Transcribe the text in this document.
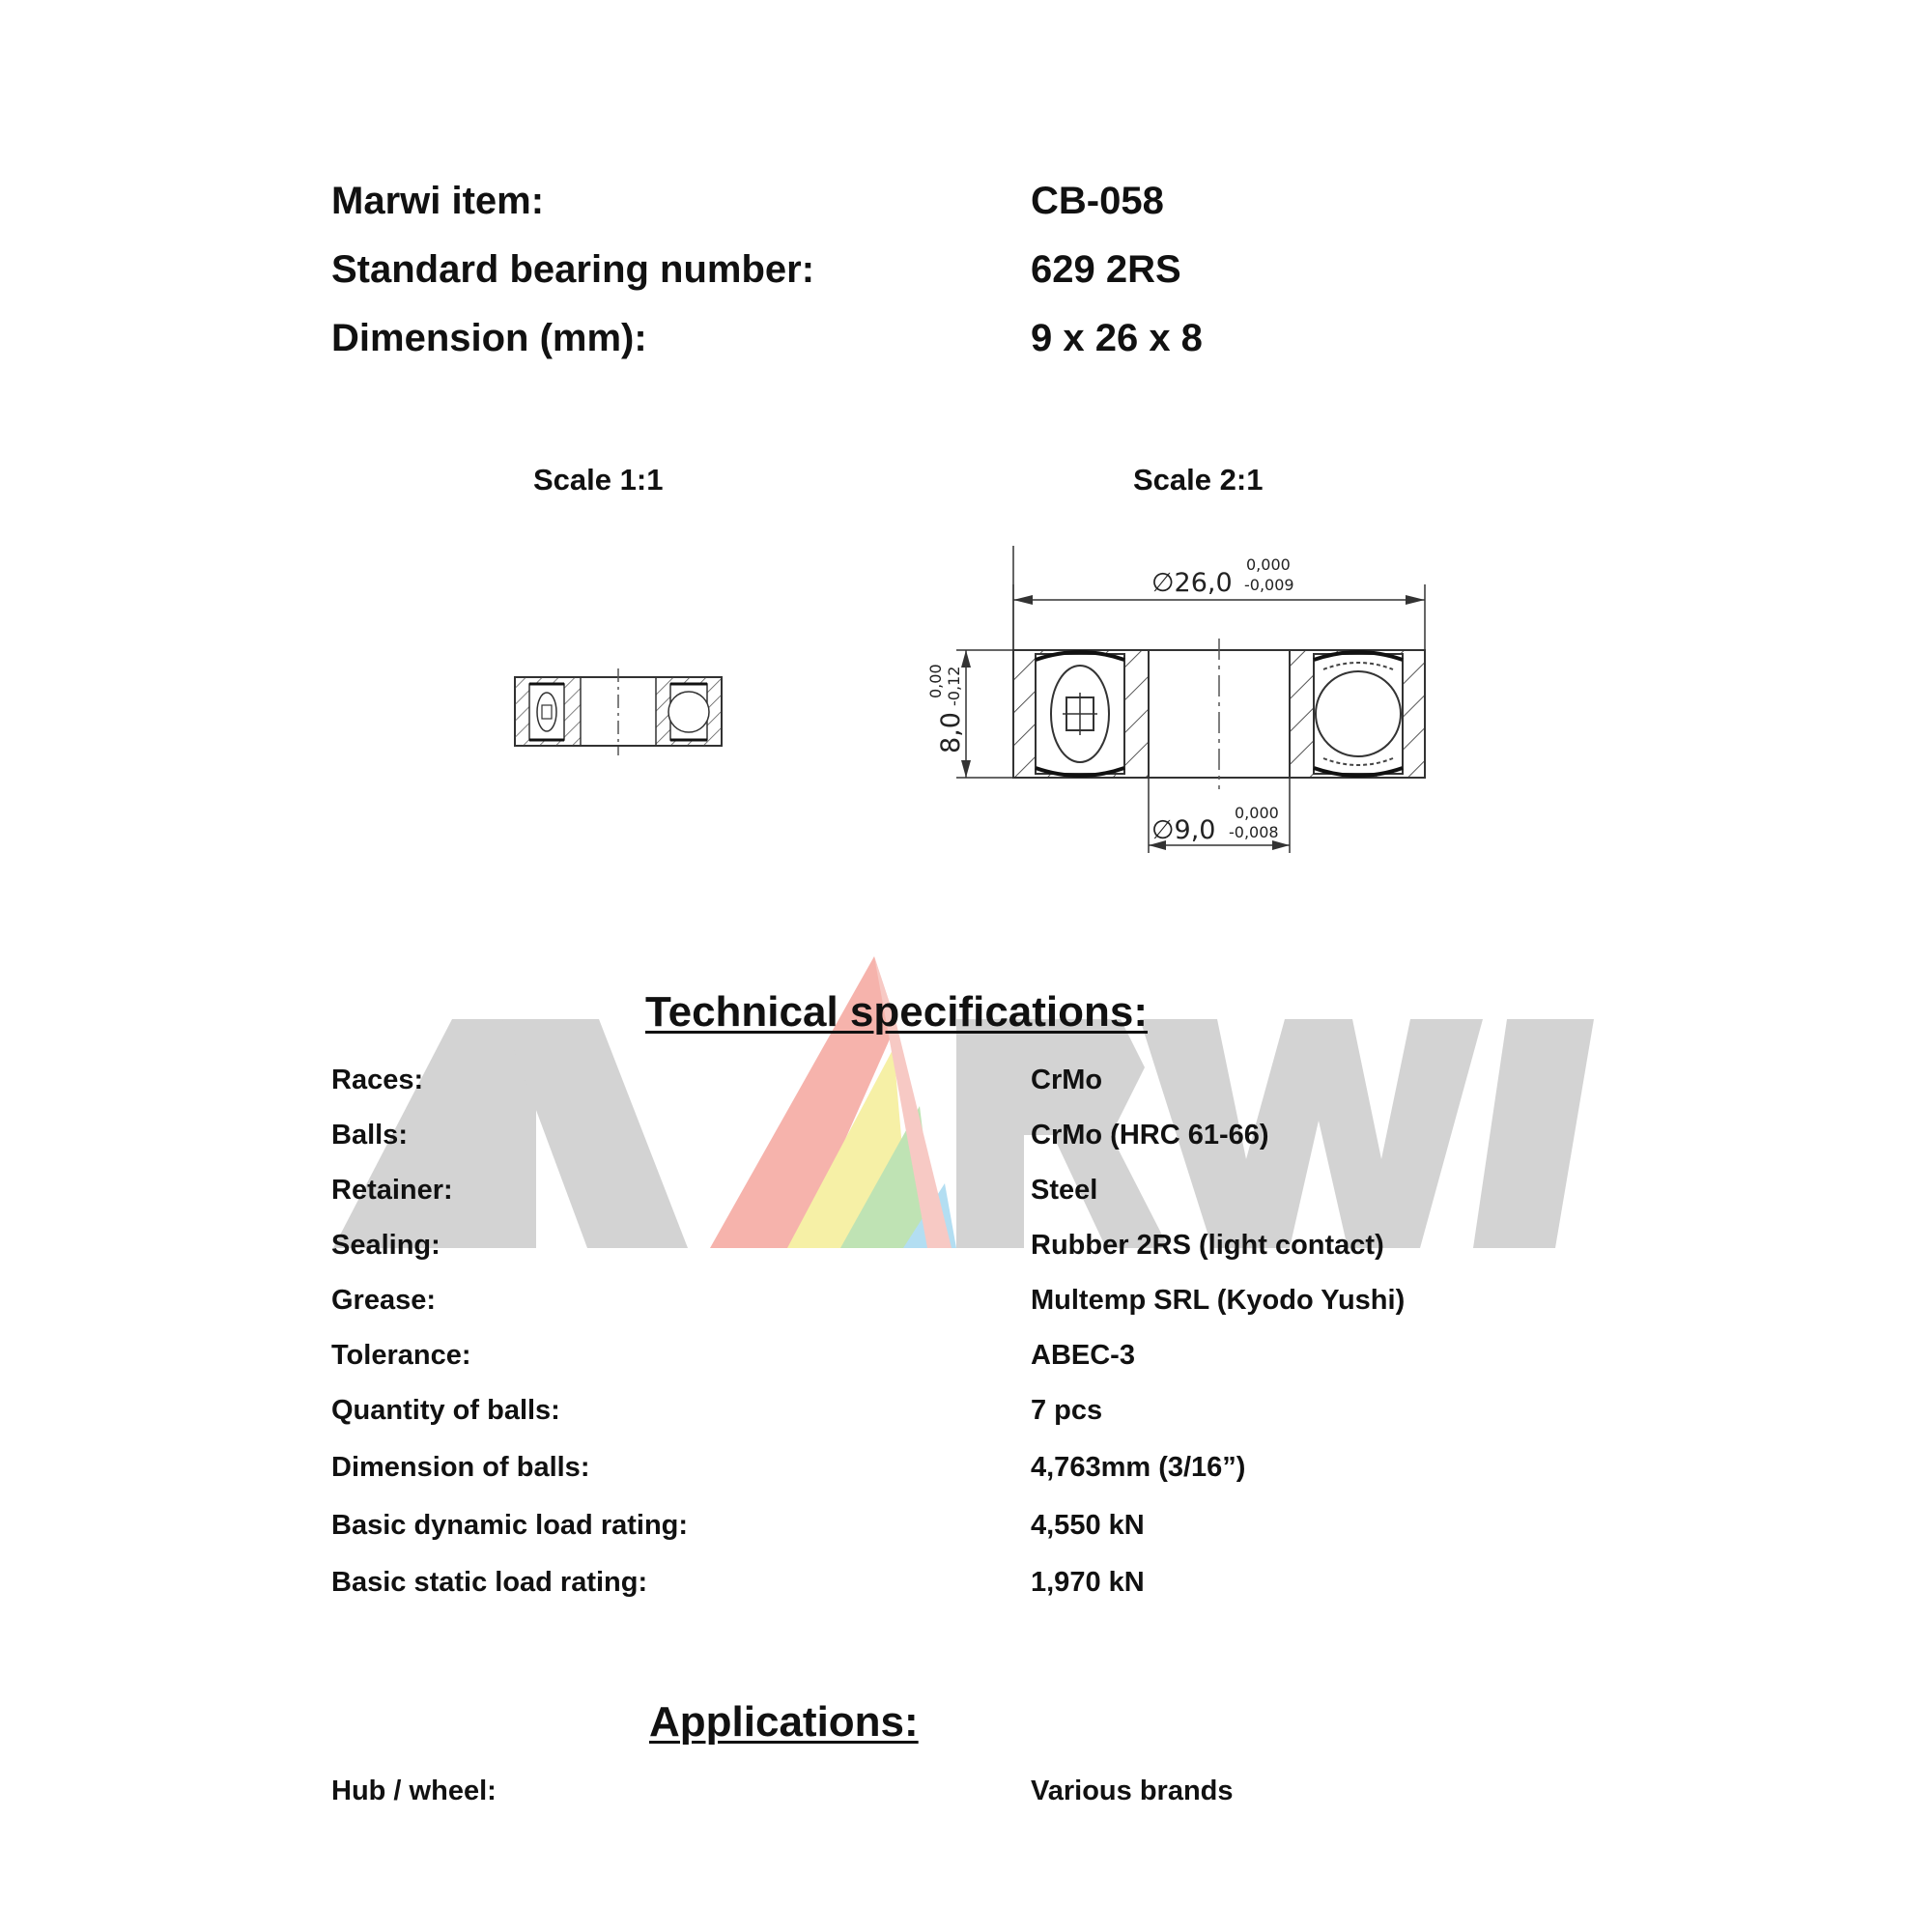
Marwi item:	CB-058
Standard bearing number:	629 2RS
Dimension (mm):	9 x 26 x 8
Scale 1:1	Scale 2:1
∅26,0
0,000
-0,009
8,0
0,00 -0,12
∅9,0
0,000
-0,008
Technical specifications:
Races:	CrMo
Balls:	CrMo (HRC 61-66)
Retainer:	Steel
Sealing:	Rubber 2RS (light contact)
Grease:	Multemp SRL (Kyodo Yushi)
Tolerance:	ABEC-3
Quantity of balls:	7 pcs
Dimension of balls:	4,763mm (3/16”)
Basic dynamic load rating:	4,550 kN
Basic static load rating:	1,970 kN
Applications:
Hub / wheel:	Various brands
